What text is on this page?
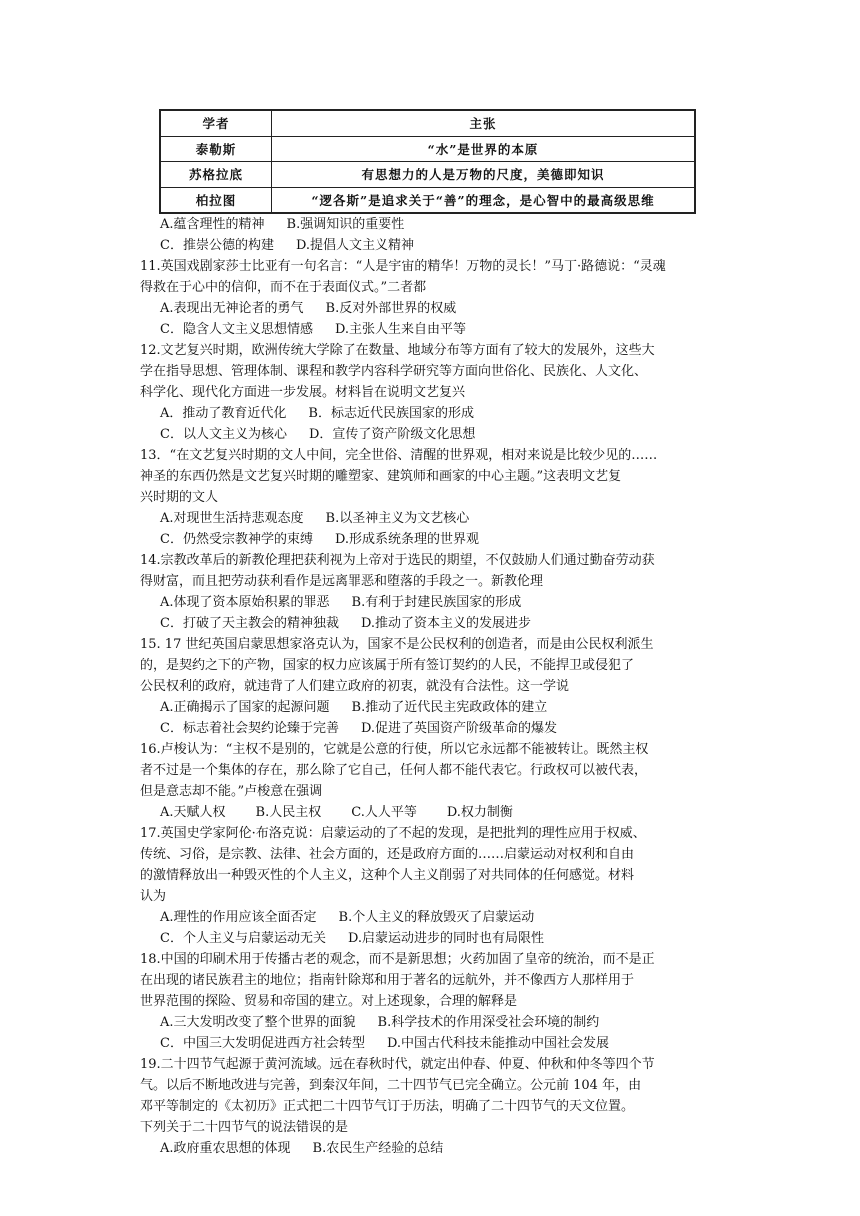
学者	主张
泰勒斯	“水”是世界的本原
苏格拉底	有思想力的人是万物的尺度，美德即知识
柏拉图	“逻各斯”是追求关于“善”的理念，是心智中的最高级思维
A.蕴含理性的精神 B.强调知识的重要性
C．推崇公德的构建 D.提倡人文主义精神
11.英国戏剧家莎士比亚有一句名言：“人是宇宙的精华！万物的灵长！”马丁·路德说：“灵魂
得救在于心中的信仰，而不在于表面仪式。”二者都
A.表现出无神论者的勇气 B.反对外部世界的权威
C．隐含人文主义思想情感 D.主张人生来自由平等
12.文艺复兴时期，欧洲传统大学除了在数量、地域分布等方面有了较大的发展外，这些大
学在指导思想、管理体制、课程和教学内容科学研究等方面向世俗化、民族化、人文化、
科学化、现代化方面进一步发展。材料旨在说明文艺复兴
A．推动了教育近代化 B．标志近代民族国家的形成
C．以人文主义为核心 D．宣传了资产阶级文化思想
13．“在文艺复兴时期的文人中间，完全世俗、清醒的世界观，相对来说是比较少见的……
神圣的东西仍然是文艺复兴时期的雕塑家、建筑师和画家的中心主题。”这表明文艺复
兴时期的文人
A.对现世生活持悲观态度 B.以圣神主义为文艺核心
C．仍然受宗教神学的束缚 D.形成系统条理的世界观
14.宗教改革后的新教伦理把获利视为上帝对于选民的期望，不仅鼓励人们通过勤奋劳动获
得财富，而且把劳动获利看作是远离罪恶和堕落的手段之一。新教伦理
A.体现了资本原始积累的罪恶 B.有利于封建民族国家的形成
C．打破了天主教会的精神独裁 D.推动了资本主义的发展进步
15. 17 世纪英国启蒙思想家洛克认为，国家不是公民权利的创造者，而是由公民权利派生
的，是契约之下的产物，国家的权力应该属于所有签订契约的人民，不能捍卫或侵犯了
公民权利的政府，就违背了人们建立政府的初衷，就没有合法性。这一学说
A.正确揭示了国家的起源问题 B.推动了近代民主宪政政体的建立
C．标志着社会契约论臻于完善 D.促进了英国资产阶级革命的爆发
16.卢梭认为：“主权不是别的，它就是公意的行使，所以它永远都不能被转让。既然主权
者不过是一个集体的存在，那么除了它自己，任何人都不能代表它。行政权可以被代表，
但是意志却不能。”卢梭意在强调
A.天赋人权 B.人民主权 C.人人平等 D.权力制衡
17.英国史学家阿伦·布洛克说：启蒙运动的了不起的发现，是把批判的理性应用于权威、
传统、习俗，是宗教、法律、社会方面的，还是政府方面的……启蒙运动对权利和自由
的激情释放出一种毁灭性的个人主义，这种个人主义削弱了对共同体的任何感觉。材料
认为
A.理性的作用应该全面否定 B.个人主义的释放毁灭了启蒙运动
C．个人主义与启蒙运动无关 D.启蒙运动进步的同时也有局限性
18.中国的印刷术用于传播古老的观念，而不是新思想；火药加固了皇帝的统治，而不是正
在出现的诸民族君主的地位；指南针除郑和用于著名的远航外，并不像西方人那样用于
世界范围的探险、贸易和帝国的建立。对上述现象，合理的解释是
A.三大发明改变了整个世界的面貌 B.科学技术的作用深受社会环境的制约
C．中国三大发明促进西方社会转型 D.中国古代科技未能推动中国社会发展
19.二十四节气起源于黄河流域。远在春秋时代，就定出仲春、仲夏、仲秋和仲冬等四个节
气。以后不断地改进与完善，到秦汉年间，二十四节气已完全确立。公元前 104 年，由
邓平等制定的《太初历》正式把二十四节气订于历法，明确了二十四节气的天文位置。
下列关于二十四节气的说法错误的是
A.政府重农思想的体现 B.农民生产经验的总结
